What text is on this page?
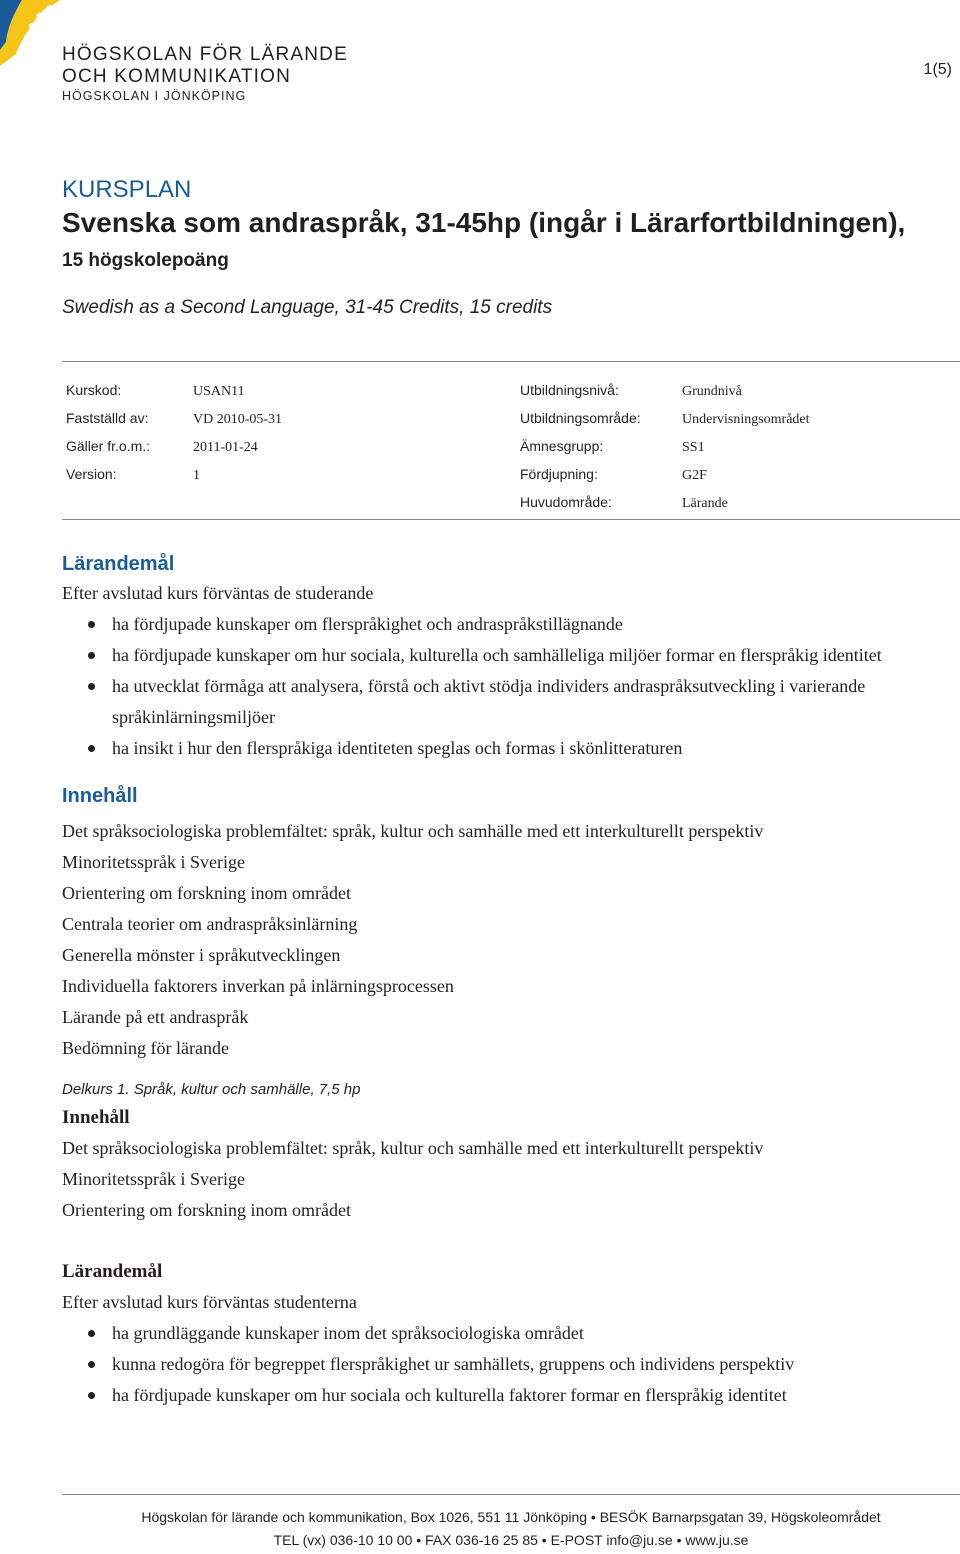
HÖGSKOLAN FÖR LÄRANDE
OCH KOMMUNIKATION
HÖGSKOLAN I JÖNKÖPING
1(5)
KURSPLAN
Svenska som andraspråk, 31-45hp (ingår i Lärarfortbildningen), 15 högskolepoäng
Swedish as a Second Language, 31-45 Credits, 15 credits
Kurskod:	USAN11
Fastställd av:	VD 2010-05-31
Gäller fr.o.m.:	2011-01-24
Version:	1
Utbildningsnivå:	Grundnivå
Utbildningsområde:	Undervisningsområdet
Ämnesgrupp:	SS1
Fördjupning:	G2F
Huvudområde:	Lärande
Lärandemål
Efter avslutad kurs förväntas de studerande
ha fördjupade kunskaper om flerspråkighet och andraspråkstillägnande
ha fördjupade kunskaper om hur sociala, kulturella och samhälleliga miljöer formar en flerspråkig identitet
ha utvecklat förmåga att analysera, förstå och aktivt stödja individers andraspråksutveckling i varierande språkinlärningsmiljöer
ha insikt i hur den flerspråkiga identiteten speglas och formas i skönlitteraturen
Innehåll
Det språksociologiska problemfältet: språk, kultur och samhälle med ett interkulturellt perspektiv
Minoritetsspråk i Sverige
Orientering om forskning inom området
Centrala teorier om andraspråksinlärning
Generella mönster i språkutvecklingen
Individuella faktorers inverkan på inlärningsprocessen
Lärande på ett andraspråk
Bedömning för lärande
Delkurs 1. Språk, kultur och samhälle, 7,5 hp
Innehåll
Det språksociologiska problemfältet: språk, kultur och samhälle med ett interkulturellt perspektiv
Minoritetsspråk i Sverige
Orientering om forskning inom området
Lärandemål
Efter avslutad kurs förväntas studenterna
ha grundläggande kunskaper inom det språksociologiska området
kunna redogöra för begreppet flerspråkighet ur samhällets, gruppens och individens perspektiv
ha fördjupade kunskaper om hur sociala och kulturella faktorer formar en flerspråkig identitet
Högskolan för lärande och kommunikation, Box 1026, 551 11 Jönköping • BESÖK Barnarpsgatan 39, Högskoleområdet
TEL (vx) 036-10 10 00 • FAX 036-16 25 85 • E-POST info@ju.se • www.ju.se
